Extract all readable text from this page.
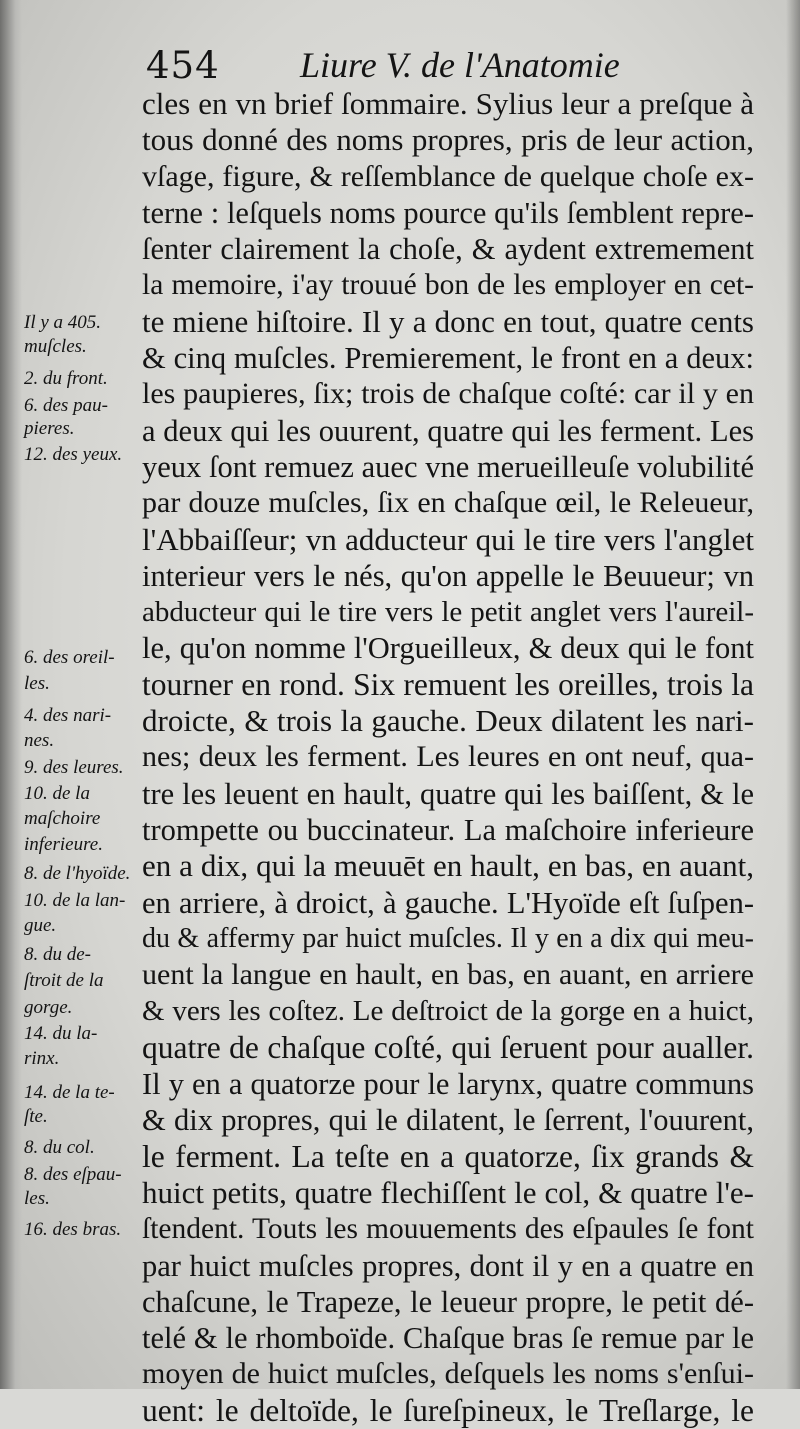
454 Liure V. de l'Anatomie
Il y a 405.
muſcles.
2. du front.
6. des pau-
pieres.
12. des yeux.
6. des oreil-
les.
4. des nari-
nes.
9. des leures.
10. de la
maſchoire
inferieure.
8. de l'hyoïde.
10. de la lan-
gue.
8. du de-
ſtroit de la
gorge.
14. du la-
rinx.
14. de la te-
ſte.
8. du col.
8. des eſpau-
les.
16. des bras.
cles en vn brief ſommaire. Sylius leur a preſque à
tous donné des noms propres, pris de leur action,
vſage, figure, & reſſemblance de quelque choſe ex-
terne : leſquels noms pource qu'ils ſemblent repre-
ſenter clairement la choſe, & aydent extremement
la memoire, i'ay trouué bon de les employer en cet-
te miene hiſtoire. Il y a donc en tout, quatre cents
& cinq muſcles. Premierement, le front en a deux:
les paupieres, ſix; trois de chaſque coſté: car il y en
a deux qui les ouurent, quatre qui les ferment. Les
yeux ſont remuez auec vne merueilleuſe volubilité
par douze muſcles, ſix en chaſque œil, le Releueur,
l'Abbaiſſeur; vn adducteur qui le tire vers l'anglet
interieur vers le nés, qu'on appelle le Beuueur; vn
abducteur qui le tire vers le petit anglet vers l'aureil-
le, qu'on nomme l'Orgueilleux, & deux qui le font
tourner en rond. Six remuent les oreilles, trois la
droicte, & trois la gauche. Deux dilatent les nari-
nes; deux les ferment. Les leures en ont neuf, qua-
tre les leuent en hault, quatre qui les baiſſent, & le
trompette ou buccinateur. La maſchoire inferieure
en a dix, qui la meuuēt en hault, en bas, en auant,
en arriere, à droict, à gauche. L'Hyoïde eſt ſuſpen-
du & affermy par huict muſcles. Il y en a dix qui meu-
uent la langue en hault, en bas, en auant, en arriere
& vers les coſtez. Le deſtroict de la gorge en a huict,
quatre de chaſque coſté, qui ſeruent pour aualler.
Il y en a quatorze pour le larynx, quatre communs
& dix propres, qui le dilatent, le ſerrent, l'ouurent,
le ferment. La teſte en a quatorze, ſix grands &
huict petits, quatre flechiſſent le col, & quatre l'e-
ſtendent. Touts les mouuements des eſpaules ſe font
par huict muſcles propres, dont il y en a quatre en
chaſcune, le Trapeze, le leueur propre, le petit dé-
telé & le rhomboïde. Chaſque bras ſe remue par le
moyen de huict muſcles, deſquels les noms s'enſui-
uent: le deltoïde, le ſureſpineux, le Treſlarge, le
